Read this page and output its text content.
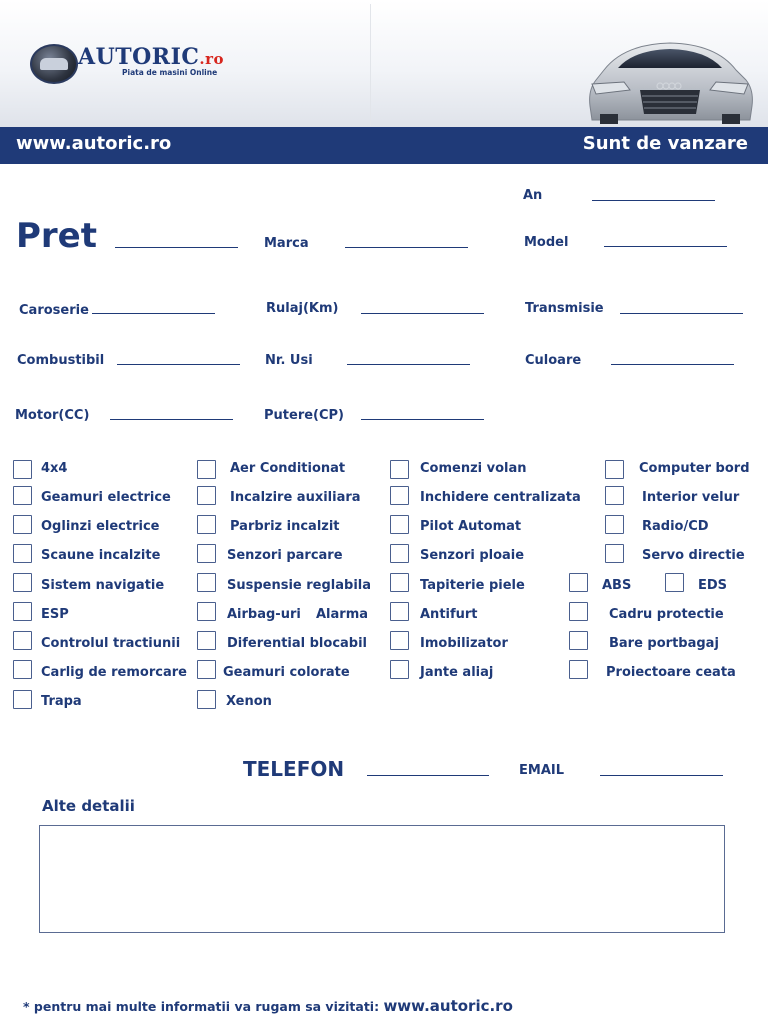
AUTORIC.ro
Piata de masini Online
www.autoric.ro	Sunt de vanzare
An
Pret	Marca	Model
Caroserie	Rulaj(Km)	Transmisie
Combustibil	Nr. Usi	Culoare
Motor(CC)	Putere(CP)
4x4	Aer Conditionat	Comenzi volan	Computer bord
Geamuri electrice	Incalzire auxiliara	Inchidere centralizata	Interior velur
Oglinzi electrice	Parbriz incalzit	Pilot Automat	Radio/CD
Scaune incalzite	Senzori parcare	Senzori ploaie	Servo directie
Sistem navigatie	Suspensie reglabila	Tapiterie piele	ABS	EDS
ESP	Airbag-uri Alarma	Antifurt	Cadru protectie
Controlul tractiunii	Diferential blocabil	Imobilizator	Bare portbagaj
Carlig de remorcare	Geamuri colorate	Jante aliaj	Proiectoare ceata
Trapa	Xenon
TELEFON	EMAIL
Alte detalii
* pentru mai multe informatii va rugam sa vizitati: www.autoric.ro
